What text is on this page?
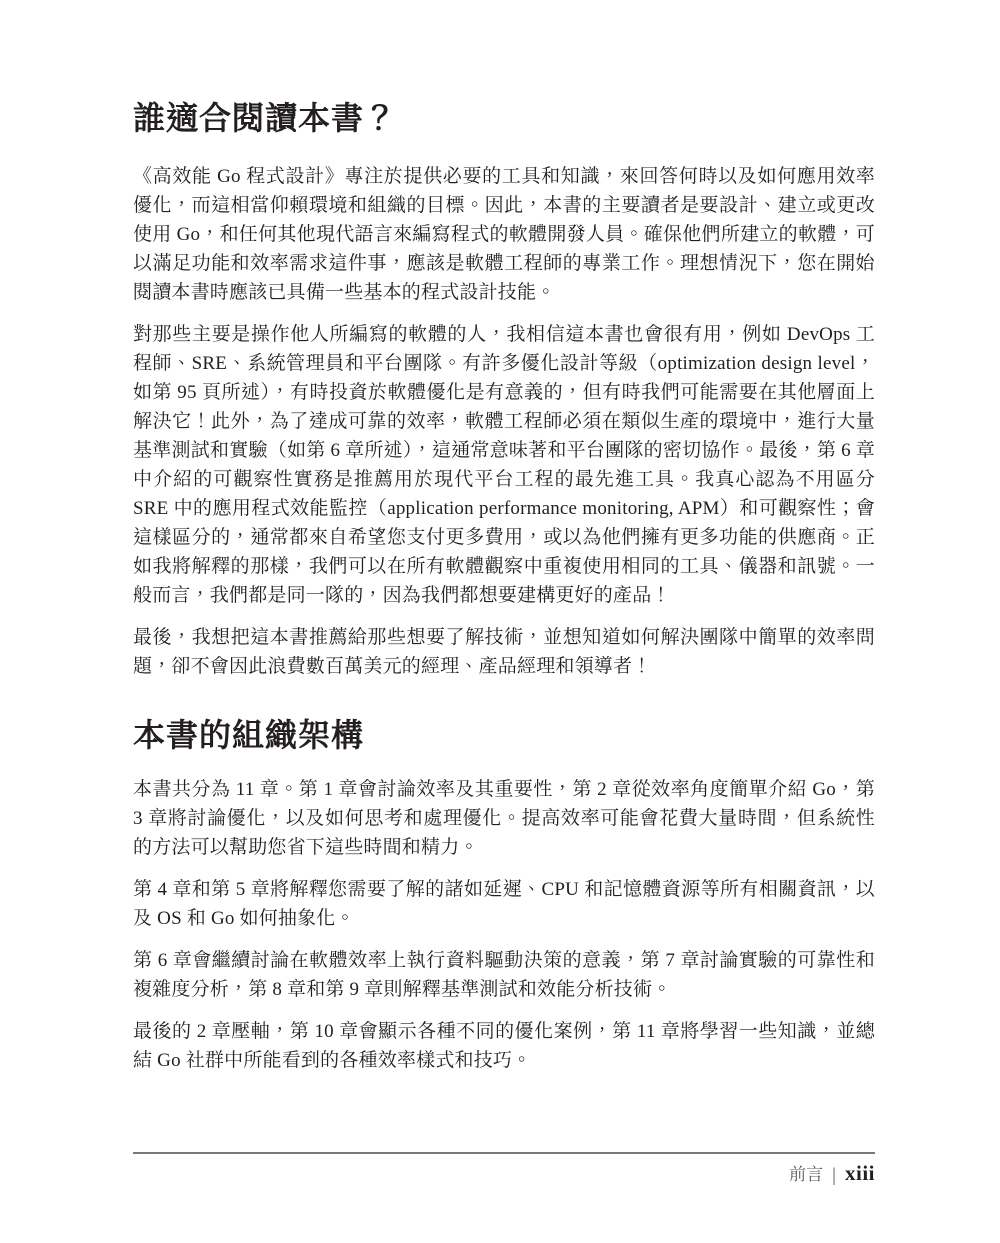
誰適合閱讀本書？

《高效能 Go 程式設計》專注於提供必要的工具和知識，來回答何時以及如何應用效率優化，而這相當仰賴環境和組織的目標。因此，本書的主要讀者是要設計、建立或更改使用 Go，和任何其他現代語言來編寫程式的軟體開發人員。確保他們所建立的軟體，可以滿足功能和效率需求這件事，應該是軟體工程師的專業工作。理想情況下，您在開始閱讀本書時應該已具備一些基本的程式設計技能。

對那些主要是操作他人所編寫的軟體的人，我相信這本書也會很有用，例如 DevOps 工程師、SRE、系統管理員和平台團隊。有許多優化設計等級（optimization design level，如第 95 頁所述），有時投資於軟體優化是有意義的，但有時我們可能需要在其他層面上解決它！此外，為了達成可靠的效率，軟體工程師必須在類似生產的環境中，進行大量基準測試和實驗（如第 6 章所述），這通常意味著和平台團隊的密切協作。最後，第 6 章中介紹的可觀察性實務是推薦用於現代平台工程的最先進工具。我真心認為不用區分 SRE 中的應用程式效能監控（application performance monitoring, APM）和可觀察性；會這樣區分的，通常都來自希望您支付更多費用，或以為他們擁有更多功能的供應商。正如我將解釋的那樣，我們可以在所有軟體觀察中重複使用相同的工具、儀器和訊號。一般而言，我們都是同一隊的，因為我們都想要建構更好的產品！

最後，我想把這本書推薦給那些想要了解技術，並想知道如何解決團隊中簡單的效率問題，卻不會因此浪費數百萬美元的經理、產品經理和領導者！

本書的組織架構

本書共分為 11 章。第 1 章會討論效率及其重要性，第 2 章從效率角度簡單介紹 Go，第 3 章將討論優化，以及如何思考和處理優化。提高效率可能會花費大量時間，但系統性的方法可以幫助您省下這些時間和精力。

第 4 章和第 5 章將解釋您需要了解的諸如延遲、CPU 和記憶體資源等所有相關資訊，以及 OS 和 Go 如何抽象化。

第 6 章會繼續討論在軟體效率上執行資料驅動決策的意義，第 7 章討論實驗的可靠性和複雜度分析，第 8 章和第 9 章則解釋基準測試和效能分析技術。

最後的 2 章壓軸，第 10 章會顯示各種不同的優化案例，第 11 章將學習一些知識，並總結 Go 社群中所能看到的各種效率樣式和技巧。

前言 | xiii
